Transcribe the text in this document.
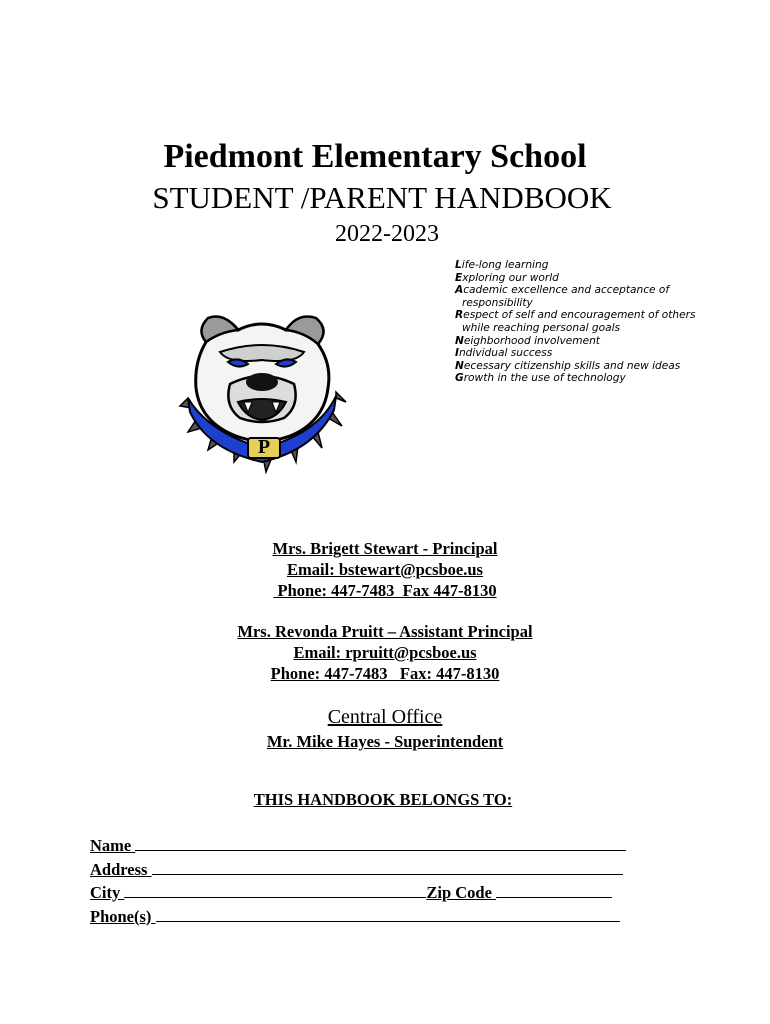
Piedmont Elementary School
STUDENT /PARENT HANDBOOK
2022-2023
P
Life-long learning
Exploring our world
Academic excellence and acceptance of
responsibility
Respect of self and encouragement of others
while reaching personal goals
Neighborhood involvement
Individual success
Necessary citizenship skills and new ideas
Growth in the use of technology
Mrs. Brigett Stewart - Principal
Email: bstewart@pcsboe.us
Phone: 447-7483  Fax 447-8130
Mrs. Revonda Pruitt – Assistant Principal
Email: rpruitt@pcsboe.us
Phone: 447-7483   Fax: 447-8130
Central Office
Mr. Mike Hayes - Superintendent
THIS HANDBOOK BELONGS TO:
Name
Address
City	Zip Code
Phone(s)
